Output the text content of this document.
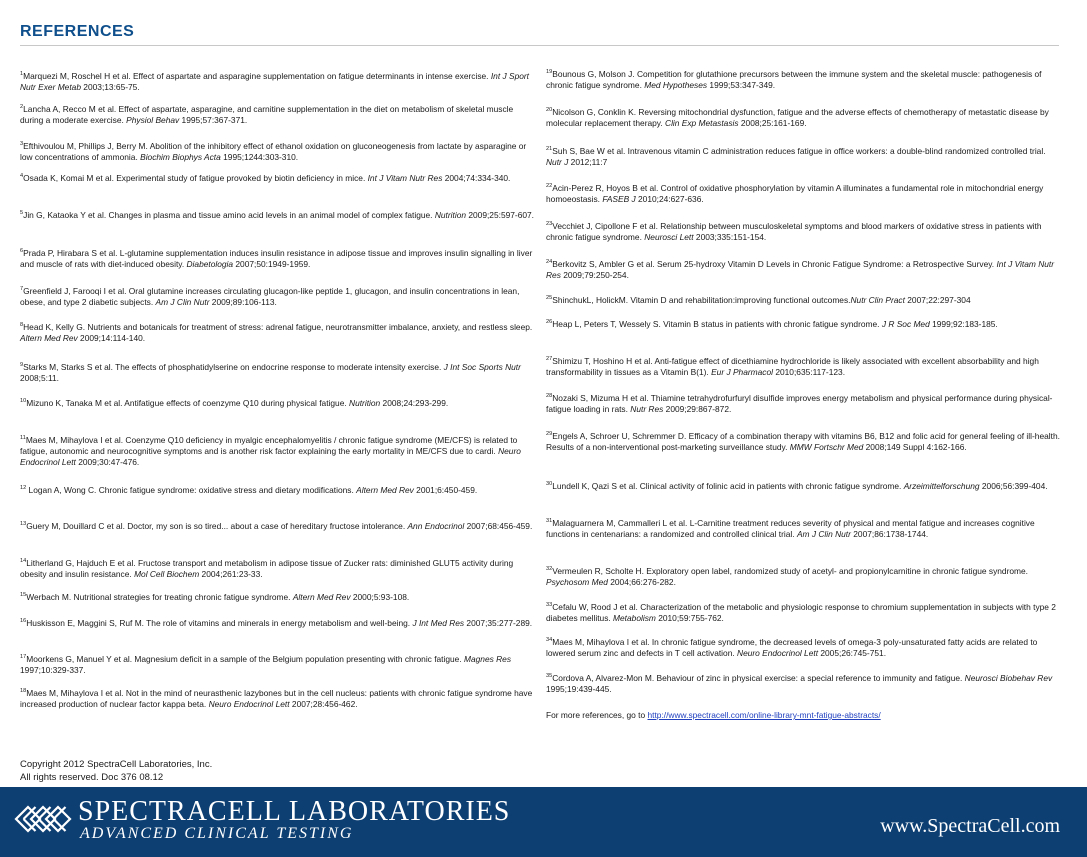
REFERENCES
$^1$Marquezi M, Roschel H et al. Effect of aspartate and asparagine supplementation on fatigue determinants in intense exercise. Int J Sport Nutr Exer Metab 2003;13:65-75.
$^2$Lancha A, Recco M et al. Effect of aspartate, asparagine, and carnitine supplementation in the diet on metabolism of skeletal muscle during a moderate exercise. Physiol Behav 1995;57:367-371.
$^3$Efthivoulou M, Phillips J, Berry M. Abolition of the inhibitory effect of ethanol oxidation on gluconeogenesis from lactate by asparagine or low concentrations of ammonia. Biochim Biophys Acta 1995;1244:303-310.
$^4$Osada K, Komai M et al. Experimental study of fatigue provoked by biotin deficiency in mice. Int J Vitam Nutr Res 2004;74:334-340.
$^5$Jin G, Kataoka Y et al. Changes in plasma and tissue amino acid levels in an animal model of complex fatigue. Nutrition 2009;25:597-607.
$^6$Prada P, Hirabara S et al. L-glutamine supplementation induces insulin resistance in adipose tissue and improves insulin signalling in liver and muscle of rats with diet-induced obesity. Diabetologia 2007;50:1949-1959.
$^7$Greenfield J, Farooqi I et al. Oral glutamine increases circulating glucagon-like peptide 1, glucagon, and insulin concentrations in lean, obese, and type 2 diabetic subjects. Am J Clin Nutr 2009;89:106-113.
$^8$Head K, Kelly G. Nutrients and botanicals for treatment of stress: adrenal fatigue, neurotransmitter imbalance, anxiety, and restless sleep. Altern Med Rev 2009;14:114-140.
$^9$Starks M, Starks S et al. The effects of phosphatidylserine on endocrine response to moderate intensity exercise. J Int Soc Sports Nutr 2008;5:11.
$^{10}$Mizuno K, Tanaka M et al. Antifatigue effects of coenzyme Q10 during physical fatigue. Nutrition 2008;24:293-299.
$^{11}$Maes M, Mihaylova I et al. Coenzyme Q10 deficiency in myalgic encephalomyelitis / chronic fatigue syndrome (ME/CFS) is related to fatigue, autonomic and neurocognitive symptoms and is another risk factor explaining the early mortality in ME/CFS due to cardi. Neuro Endocrinol Lett 2009;30:47-476.
$^{12}$ Logan A, Wong C. Chronic fatigue syndrome: oxidative stress and dietary modifications. Altern Med Rev 2001;6:450-459.
$^{13}$Guery M, Douillard C et al. Doctor, my son is so tired... about a case of hereditary fructose intolerance. Ann Endocrinol 2007;68:456-459.
$^{14}$Litherland G, Hajduch E et al. Fructose transport and metabolism in adipose tissue of Zucker rats: diminished GLUT5 activity during obesity and insulin resistance. Mol Cell Biochem 2004;261:23-33.
$^{15}$Werbach M. Nutritional strategies for treating chronic fatigue syndrome. Altern Med Rev 2000;5:93-108.
$^{16}$Huskisson E, Maggini S, Ruf M. The role of vitamins and minerals in energy metabolism and well-being. J Int Med Res 2007;35:277-289.
$^{17}$Moorkens G, Manuel Y et al. Magnesium deficit in a sample of the Belgium population presenting with chronic fatigue. Magnes Res 1997;10:329-337.
$^{18}$Maes M, Mihaylova I et al. Not in the mind of neurasthenic lazybones but in the cell nucleus: patients with chronic fatigue syndrome have increased production of nuclear factor kappa beta. Neuro Endocrinol Lett 2007;28:456-462.
$^{19}$Bounous G, Molson J. Competition for glutathione precursors between the immune system and the skeletal muscle: pathogenesis of chronic fatigue syndrome. Med Hypotheses 1999;53:347-349.
$^{20}$Nicolson G, Conklin K. Reversing mitochondrial dysfunction, fatigue and the adverse effects of chemotherapy of metastatic disease by molecular replacement therapy. Clin Exp Metastasis 2008;25:161-169.
$^{21}$Suh S, Bae W et al. Intravenous vitamin C administration reduces fatigue in office workers: a double-blind randomized controlled trial. Nutr J 2012;11:7
$^{22}$Acin-Perez R, Hoyos B et al. Control of oxidative phosphorylation by vitamin A illuminates a fundamental role in mitochondrial energy homoeostasis. FASEB J 2010;24:627-636.
$^{23}$Vecchiet J, Cipollone F et al. Relationship between musculoskeletal symptoms and blood markers of oxidative stress in patients with chronic fatigue syndrome. Neurosci Lett 2003;335:151-154.
$^{24}$Berkovitz S, Ambler G et al. Serum 25-hydroxy Vitamin D Levels in Chronic Fatigue Syndrome: a Retrospective Survey. Int J Vitam Nutr Res 2009;79:250-254.
$^{25}$ShinchukL, HolickM. Vitamin D and rehabilitation:improving functional outcomes.Nutr Clin Pract 2007;22:297-304
$^{26}$Heap L, Peters T, Wessely S. Vitamin B status in patients with chronic fatigue syndrome. J R Soc Med 1999;92:183-185.
$^{27}$Shimizu T, Hoshino H et al. Anti-fatigue effect of dicethiamine hydrochloride is likely associated with excellent absorbability and high transformability in tissues as a Vitamin B(1). Eur J Pharmacol 2010;635:117-123.
$^{28}$Nozaki S, Mizuma H et al. Thiamine tetrahydrofurfuryl disulfide improves energy metabolism and physical performance during physical-fatigue loading in rats. Nutr Res 2009;29:867-872.
$^{29}$Engels A, Schroer U, Schremmer D. Efficacy of a combination therapy with vitamins B6, B12 and folic acid for general feeling of ill-health. Results of a non-interventional post-marketing surveillance study. MMW Fortschr Med 2008;149 Suppl 4:162-166.
$^{30}$Lundell K, Qazi S et al. Clinical activity of folinic acid in patients with chronic fatigue syndrome. Arzeimittelforschung 2006;56:399-404.
$^{31}$Malaguarnera M, Cammalleri L et al. L-Carnitine treatment reduces severity of physical and mental fatigue and increases cognitive functions in centenarians: a randomized and controlled clinical trial. Am J Clin Nutr 2007;86:1738-1744.
$^{32}$Vermeulen R, Scholte H. Exploratory open label, randomized study of acetyl- and propionylcarnitine in chronic fatigue syndrome. Psychosom Med 2004;66:276-282.
$^{33}$Cefalu W, Rood J et al. Characterization of the metabolic and physiologic response to chromium supplementation in subjects with type 2 diabetes mellitus. Metabolism 2010;59:755-762.
$^{34}$Maes M, Mihaylova I et al. In chronic fatigue syndrome, the decreased levels of omega-3 poly-unsaturated fatty acids are related to lowered serum zinc and defects in T cell activation. Neuro Endocrinol Lett 2005;26:745-751.
$^{35}$Cordova A, Alvarez-Mon M. Behaviour of zinc in physical exercise: a special reference to immunity and fatigue. Neurosci Biobehav Rev 1995;19:439-445.
For more references, go to http://www.spectracell.com/online-library-mnt-fatigue-abstracts/
Copyright 2012 SpectraCell Laboratories, Inc.
All rights reserved. Doc 376 08.12
SPECTRACELL LABORATORIES
ADVANCED CLINICAL TESTING	www.SpectraCell.com
